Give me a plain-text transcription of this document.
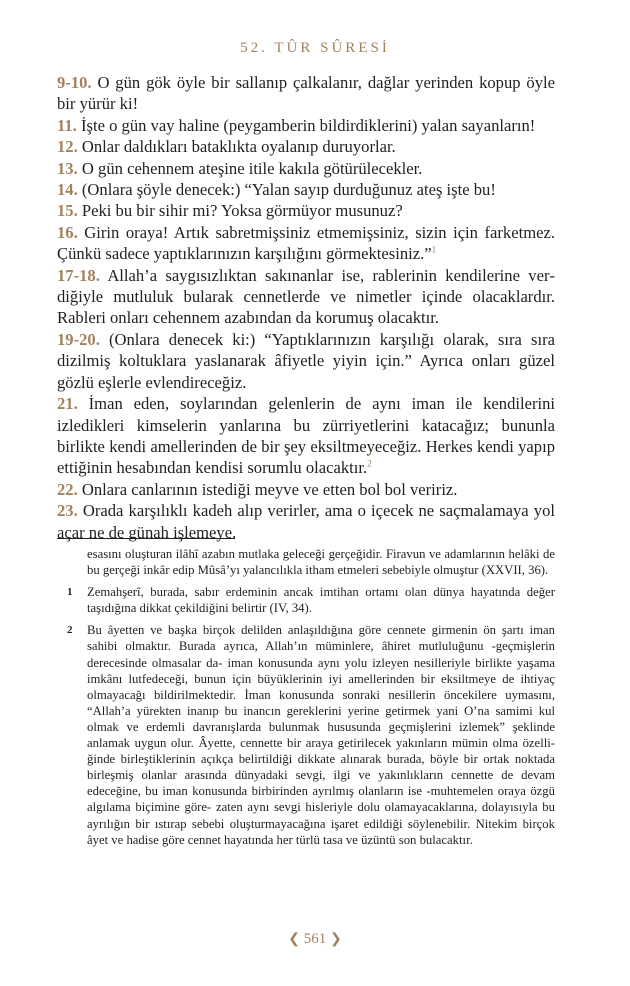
52. TÛR SÛRESİ

9-10. O gün gök öyle bir sallanıp çalkalanır, dağlar yerinden kopup öyle bir yürür ki!

11. İşte o gün vay haline (peygamberin bildirdiklerini) yalan sayanların!

12. Onlar daldıkları bataklıkta oyalanıp duruyorlar.

13. O gün cehennem ateşine itile kakıla götürülecekler.

14. (Onlara şöyle denecek:) “Yalan sayıp durduğunuz ateş işte bu!

15. Peki bu bir sihir mi? Yoksa görmüyor musunuz?

16. Girin oraya! Artık sabretmişsiniz etmemişsiniz, sizin için farketmez. Çünkü sadece yaptıklarınızın karşılığını görmektesiniz.”$^1$

17-18. Allah’a saygısızlıktan sakınanlar ise, rablerinin kendilerine verdiğiyle mutluluk bularak cennetlerde ve nimetler içinde olacaklardır. Rableri onları cehennem azabından da korumuş olacaktır.

19-20. (Onlara denecek ki:) “Yaptıklarınızın karşılığı olarak, sıra sıra dizilmiş koltuklara yaslanarak âfiyetle yiyin için.” Ayrıca onları güzel gözlü eşlerle evlendireceğiz.

21. İman eden, soylarından gelenlerin de aynı iman ile kendilerini izledikleri kimselerin yanlarına bu zürriyetlerini katacağız; bununla birlikte kendi amellerinden de bir şey eksiltmeyeceğiz. Herkes kendi yapıp ettiğinin hesabından kendisi sorumlu olacaktır.$^2$

22. Onlara canlarının istediği meyve ve etten bol bol veririz.

23. Orada karşılıklı kadeh alıp verirler, ama o içecek ne saçmalamaya yol açar ne de günah işlemeye.

esasını oluşturan ilâhî azabın mutlaka geleceği gerçeğidir. Firavun ve adamlarının helâki de bu gerçeği inkâr edip Mûsâ’yı yalancılıkla itham etmeleri sebebiyle olmuştur (XXVII, 36).

1 Zemahşerî, burada, sabır erdeminin ancak imtihan ortamı olan dünya hayatında değer taşıdığına dikkat çekildiğini belirtir (IV, 34).

2 Bu âyetten ve başka birçok delilden anlaşıldığına göre cennete girmenin ön şartı iman sahibi olmaktır. Burada ayrıca, Allah’ın müminlere, âhiret mutluluğunu -geçmişlerin derecesinde olmasalar da- iman konusunda aynı yolu izleyen nesilleriyle birlikte yaşama imkânı lutfedeceği, bunun için büyüklerinin iyi amellerinden bir eksiltmeye de ihtiyaç olmayacağı bildirilmektedir. İman konusunda sonraki nesillerin öncekilere uymasını, “Allah’a yürekten inanıp bu inancın gereklerini yerine getirmek yani O’na samimi kul olmak ve erdemli davranışlarda bulunmak hususunda geçmişlerini izlemek” şeklinde anlamak uygun olur. Âyette, cennette bir araya getirilecek yakınların mümin olma özelliğinde birleştiklerinin açıkça belirtildiği dikkate alınarak burada, böyle bir ortak noktada birleşmiş olanlar arasında dünyadaki sevgi, ilgi ve yakınlıkların cennette de devam edeceğine, bu iman konusunda birbirinden ayrılmış olanların ise -muhtemelen oraya özgü algılama biçimine göre- zaten aynı sevgi hisleriyle dolu olamayacaklarına, dolayısıyla bu ayrılığın bir ıstırap sebebi oluşturmayacağına işaret edildiği söylenebilir. Nitekim birçok âyet ve hadise göre cennet hayatında her türlü tasa ve üzüntü son bulacaktır.

❮ 561 ❯
